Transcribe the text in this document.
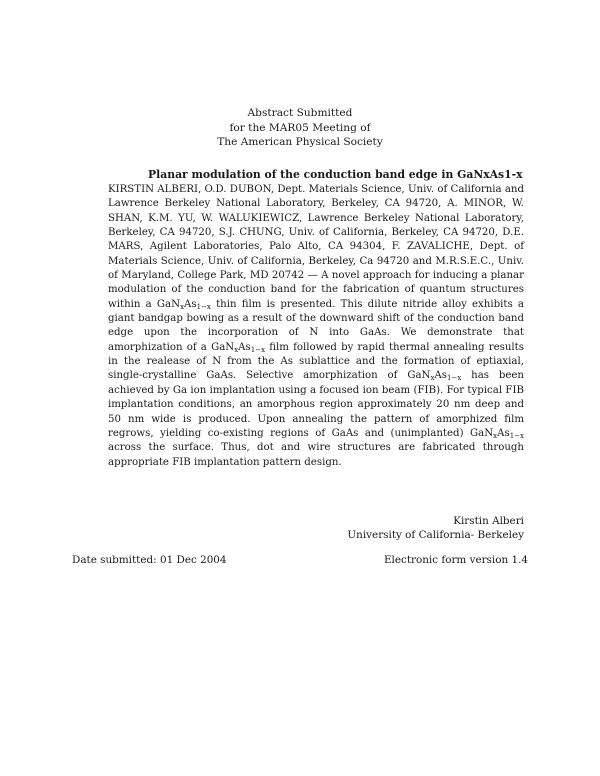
Abstract Submitted
for the MAR05 Meeting of
The American Physical Society
Planar modulation of the conduction band edge in GaNxAs1-x
KIRSTIN ALBERI, O.D. DUBON, Dept. Materials Science, Univ. of California and Lawrence Berkeley National Laboratory, Berkeley, CA 94720, A. MINOR, W. SHAN, K.M. YU, W. WALUKIEWICZ, Lawrence Berkeley National Laboratory, Berkeley, CA 94720, S.J. CHUNG, Univ. of California, Berkeley, CA 94720, D.E. MARS, Agilent Laboratories, Palo Alto, CA 94304, F. ZAVALICHE, Dept. of Materials Science, Univ. of California, Berkeley, Ca 94720 and M.R.S.E.C., Univ. of Maryland, College Park, MD 20742 — A novel approach for inducing a planar modulation of the conduction band for the fabrication of quantum structures within a $GaN_xAs_{1-x}$ thin film is presented. This dilute nitride alloy exhibits a giant bandgap bowing as a result of the downward shift of the conduction band edge upon the incorporation of N into GaAs. We demonstrate that amorphization of a $GaN_xAs_{1-x}$ film followed by rapid thermal annealing results in the realease of N from the As sublattice and the formation of eptiaxial, single-crystalline GaAs. Selective amorphization of $GaN_xAs_{1-x}$ has been achieved by Ga ion implantation using a focused ion beam (FIB). For typical FIB implantation conditions, an amorphous region approximately 20 nm deep and 50 nm wide is produced. Upon annealing the pattern of amorphized film regrows, yielding co-existing regions of GaAs and (unimplanted) $GaN_xAs_{1-x}$ across the surface. Thus, dot and wire structures are fabricated through appropriate FIB implantation pattern design.
Kirstin Alberi
University of California- Berkeley
Date submitted: 01 Dec 2004	Electronic form version 1.4
